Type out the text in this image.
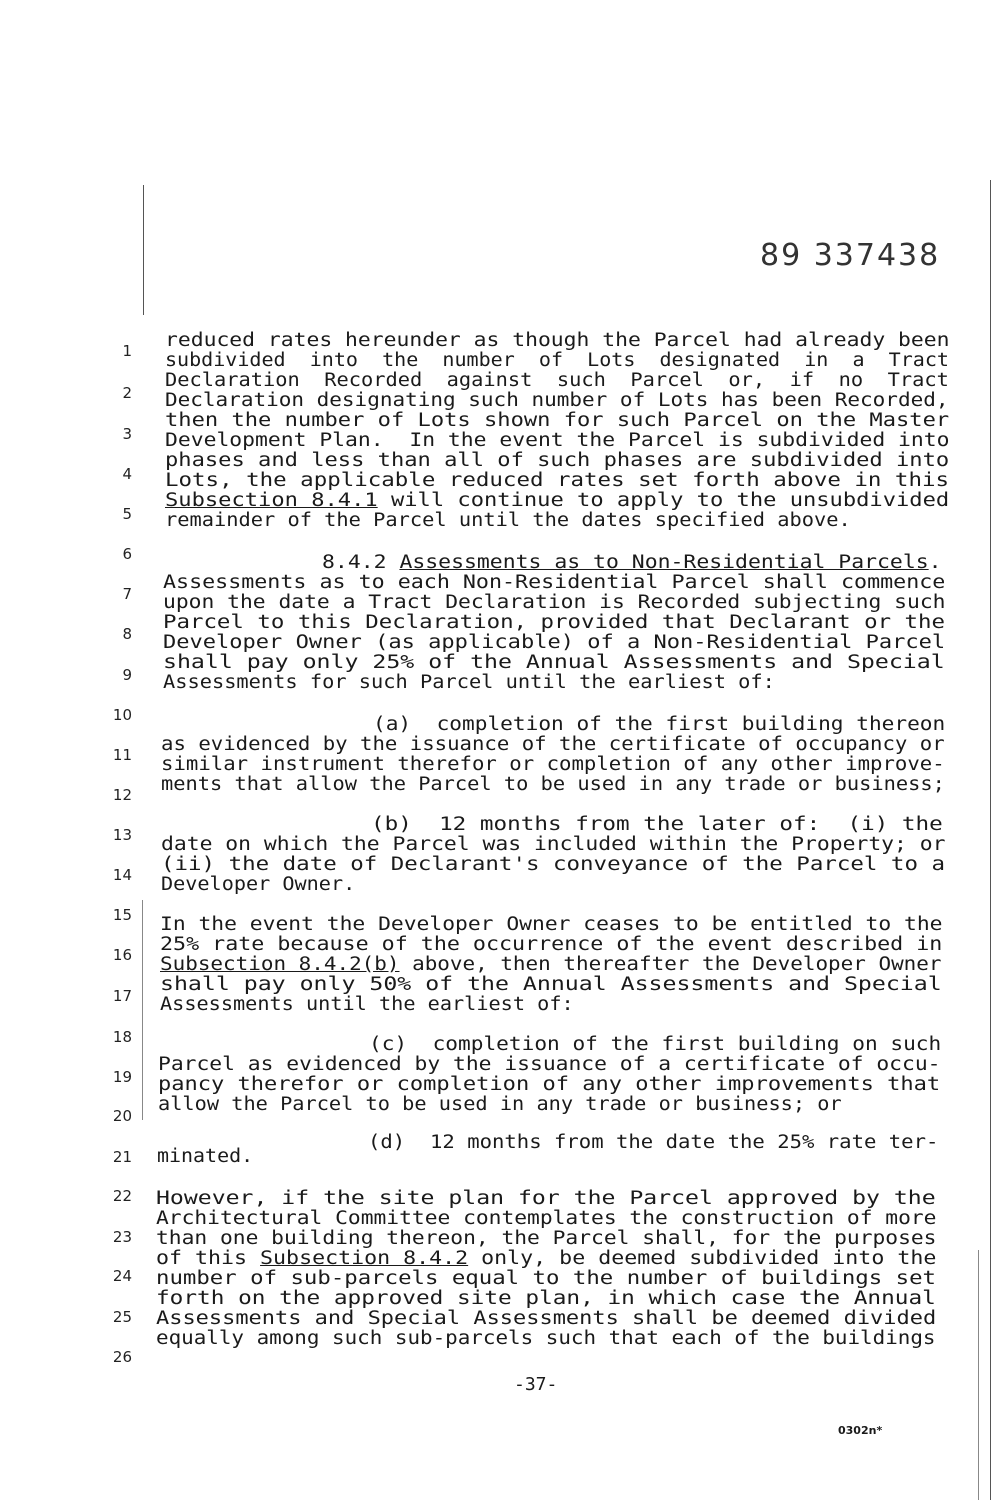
89 337438
1
2
3
4
5
6
7
8
9
10
11
12
13
14
15
16
17
18
19
20
21
22
23
24
25
26
reduced rates hereunder as though the Parcel had already been
subdivided  into  the  number  of  Lots  designated  in  a  Tract
Declaration  Recorded  against  such  Parcel  or,  if  no  Tract
Declaration designating such number of Lots has been Recorded,
then the number of Lots shown for such Parcel on the Master
Development Plan.  In the event the Parcel is subdivided into
phases and less than all of such phases are subdivided into
Lots, the applicable reduced rates set forth above in this
Subsection 8.4.1 will continue to apply to the unsubdivided
remainder of the Parcel until the dates specified above.
8.4.2 Assessments as to Non-Residential Parcels.
Assessments as to each Non-Residential Parcel shall commence
upon the date a Tract Declaration is Recorded subjecting such
Parcel to this Declaration, provided that Declarant or the
Developer Owner (as applicable) of a Non-Residential Parcel
shall pay only 25% of the Annual Assessments and Special
Assessments for such Parcel until the earliest of:
(a)  completion of the first building thereon
as evidenced by the issuance of the certificate of occupancy or
similar instrument therefor or completion of any other improve-
ments that allow the Parcel to be used in any trade or business;
(b)  12 months from the later of:  (i) the
date on which the Parcel was included within the Property; or
(ii) the date of Declarant's conveyance of the Parcel to a
Developer Owner.
In the event the Developer Owner ceases to be entitled to the
25% rate because of the occurrence of the event described in
Subsection 8.4.2(b) above, then thereafter the Developer Owner
shall pay only 50% of the Annual Assessments and Special
Assessments until the earliest of:
(c)  completion of the first building on such
Parcel as evidenced by the issuance of a certificate of occu-
pancy therefor or completion of any other improvements that
allow the Parcel to be used in any trade or business; or
(d)  12 months from the date the 25% rate ter-
minated.
However, if the site plan for the Parcel approved by the
Architectural Committee contemplates the construction of more
than one building thereon, the Parcel shall, for the purposes
of this Subsection 8.4.2 only, be deemed subdivided into the
number of sub-parcels equal to the number of buildings set
forth on the approved site plan, in which case the Annual
Assessments and Special Assessments shall be deemed divided
equally among such sub-parcels such that each of the buildings
-37-
0302n*
